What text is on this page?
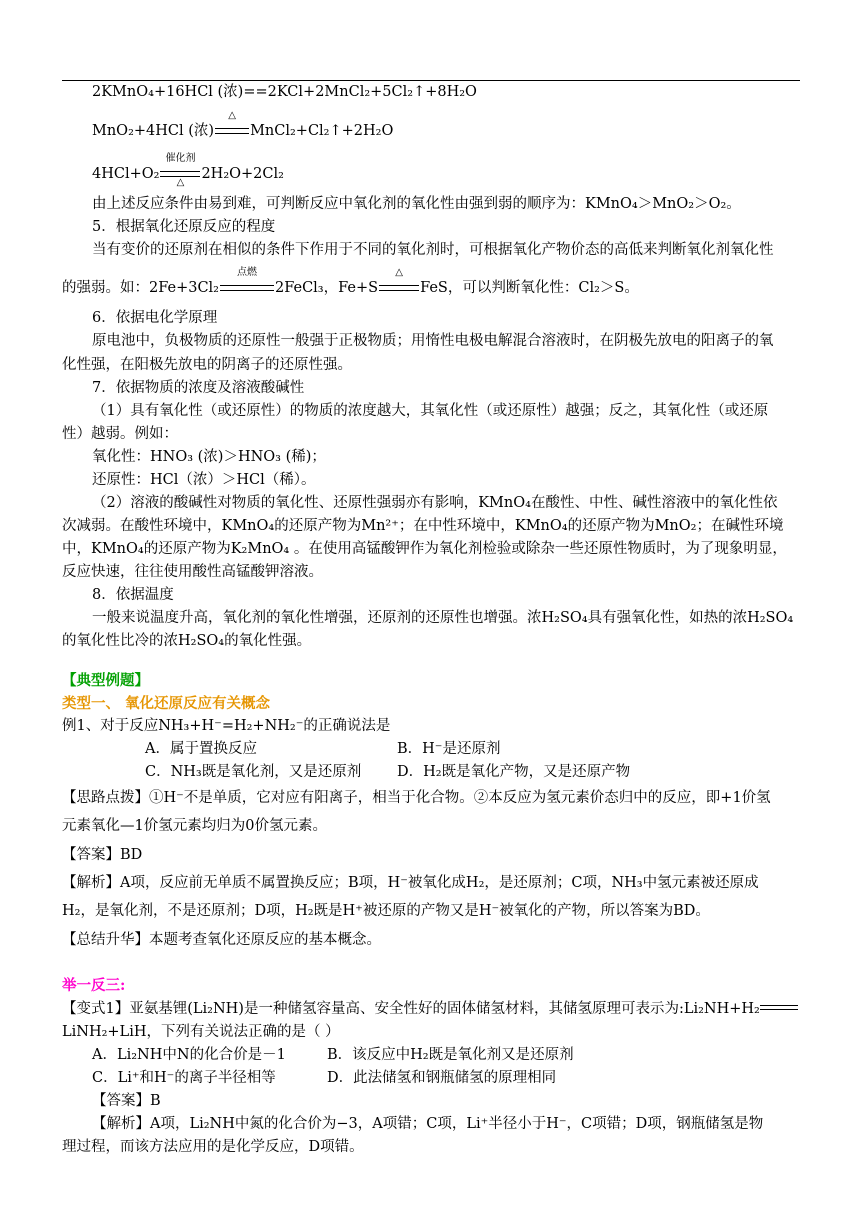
2KMnO₄+16HCl (浓)==2KCl+2MnCl₂+5Cl₂↑+8H₂O
MnO₂+4HCl (浓)
△
MnCl₂+Cl₂↑+2H₂O
4HCl+O₂
催化剂
△
2H₂O+2Cl₂
由上述反应条件由易到难，可判断反应中氧化剂的氧化性由强到弱的顺序为：KMnO₄＞MnO₂＞O₂。
5．根据氧化还原反应的程度
当有变价的还原剂在相似的条件下作用于不同的氧化剂时，可根据氧化产物价态的高低来判断氧化剂氧化性
的强弱。如：2Fe+3Cl₂
点燃
2FeCl₃，Fe+S
△
FeS，可以判断氧化性：Cl₂＞S。
6．依据电化学原理
原电池中，负极物质的还原性一般强于正极物质；用惰性电极电解混合溶液时，在阴极先放电的阳离子的氧
化性强，在阳极先放电的阴离子的还原性强。
7．依据物质的浓度及溶液酸碱性
（1）具有氧化性（或还原性）的物质的浓度越大，其氧化性（或还原性）越强；反之，其氧化性（或还原
性）越弱。例如：
氧化性：HNO₃ (浓)＞HNO₃ (稀)；
还原性：HCl（浓）＞HCl（稀）。
（2）溶液的酸碱性对物质的氧化性、还原性强弱亦有影响，KMnO₄在酸性、中性、碱性溶液中的氧化性依
次减弱。在酸性环境中，KMnO₄的还原产物为Mn²⁺；在中性环境中，KMnO₄的还原产物为MnO₂；在碱性环境
中，KMnO₄的还原产物为K₂MnO₄ 。在使用高锰酸钾作为氧化剂检验或除杂一些还原性物质时，为了现象明显，
反应快速，往往使用酸性高锰酸钾溶液。
8．依据温度
一般来说温度升高，氧化剂的氧化性增强，还原剂的还原性也增强。浓H₂SO₄具有强氧化性，如热的浓H₂SO₄
的氧化性比冷的浓H₂SO₄的氧化性强。
【典型例题】
类型一、 氧化还原反应有关概念
例1、对于反应NH₃+H⁻=H₂+NH₂⁻的正确说法是
A．属于置换反应	B．H⁻是还原剂
C．NH₃既是氧化剂，又是还原剂 D．H₂既是氧化产物，又是还原产物
【思路点拨】①H⁻不是单质，它对应有阳离子，相当于化合物。②本反应为氢元素价态归中的反应，即+1价氢
元素氧化—1价氢元素均归为0价氢元素。
【答案】BD
【解析】A项，反应前无单质不属置换反应；B项，H⁻被氧化成H₂，是还原剂；C项，NH₃中氢元素被还原成
H₂，是氧化剂，不是还原剂；D项，H₂既是H⁺被还原的产物又是H⁻被氧化的产物，所以答案为BD。
【总结升华】本题考查氧化还原反应的基本概念。
举一反三:
【变式1】亚氨基锂(Li₂NH)是一种储氢容量高、安全性好的固体储氢材料，其储氢原理可表示为:Li₂NH+H₂
LiNH₂+LiH，下列有关说法正确的是（ ）
A．Li₂NH中N的化合价是－1	B．该反应中H₂既是氧化剂又是还原剂
C．Li⁺和H⁻的离子半径相等	D．此法储氢和钢瓶储氢的原理相同
【答案】B
【解析】A项，Li₂NH中氮的化合价为−3，A项错；C项，Li⁺半径小于H⁻，C项错；D项，钢瓶储氢是物
理过程，而该方法应用的是化学反应，D项错。
